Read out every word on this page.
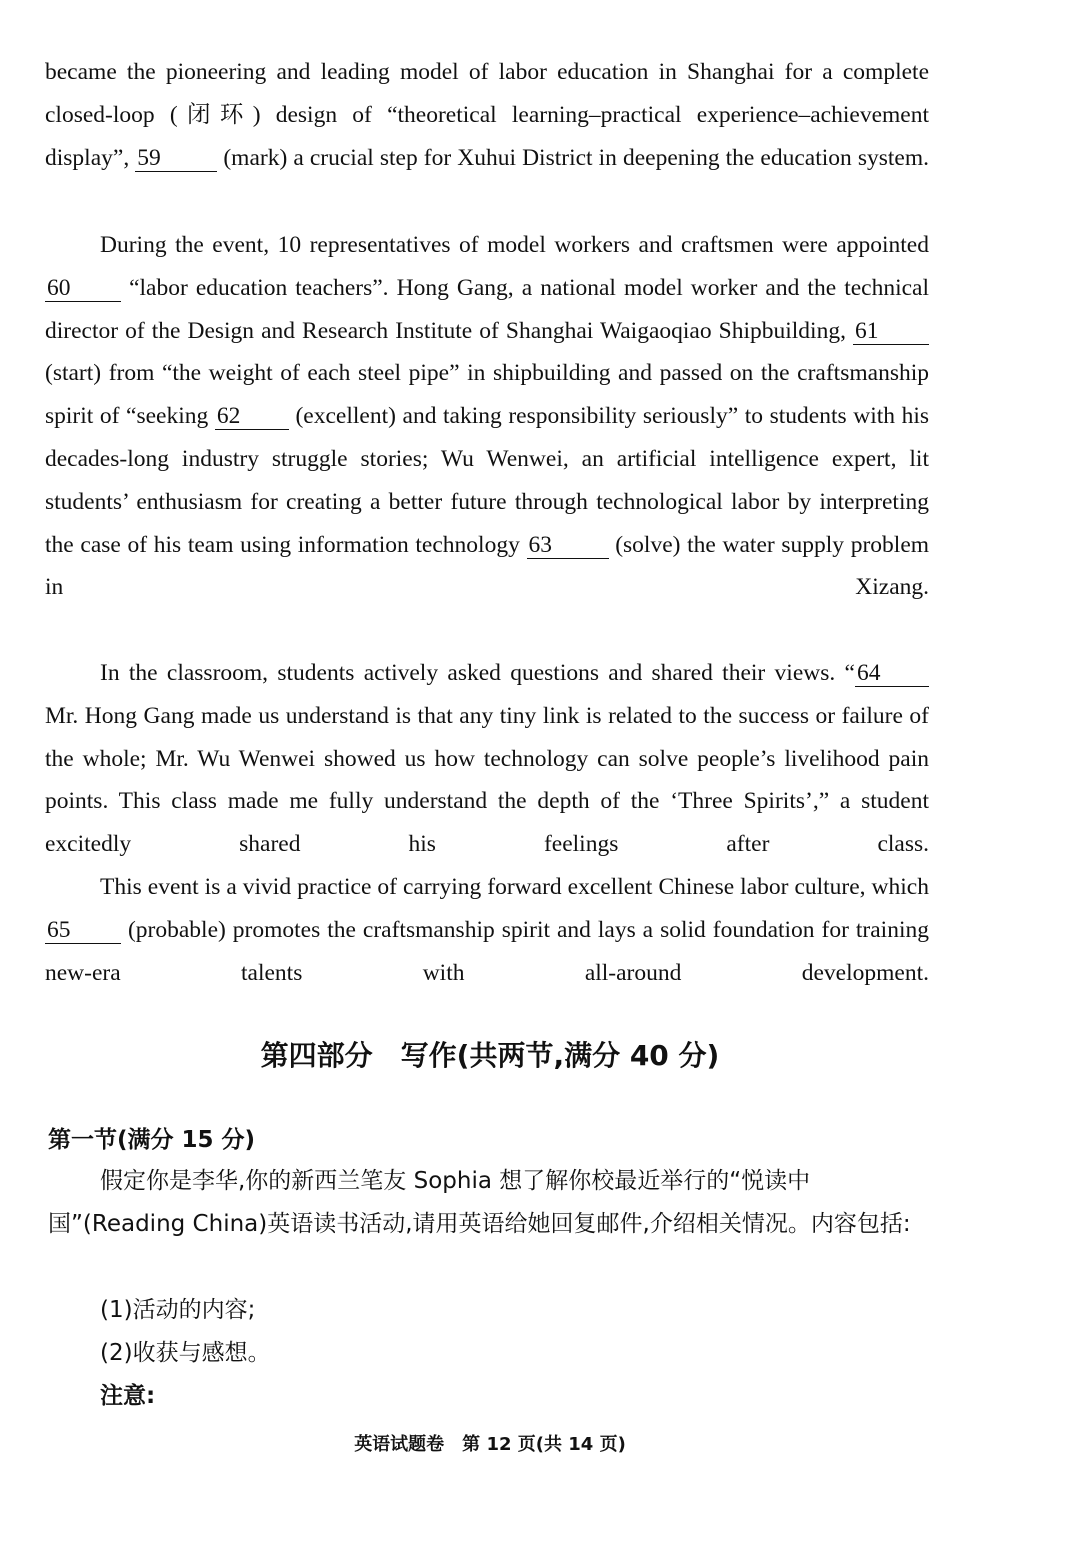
became the pioneering and leading model of labor education in Shanghai for a complete closed-loop (闭环) design of “theoretical learning–practical experience–achievement display”, 59	(mark) a crucial step for Xuhui District in deepening the education system.

During the event, 10 representatives of model workers and craftsmen were appointed 60 “labor education teachers”. Hong Gang, a national model worker and the technical director of the Design and Research Institute of Shanghai Waigaoqiao Shipbuilding, 61 (start) from “the weight of each steel pipe” in shipbuilding and passed on the craftsmanship spirit of “seeking 62 (excellent) and taking responsibility seriously” to students with his decades-long industry struggle stories; Wu Wenwei, an artificial intelligence expert, lit students’ enthusiasm for creating a better future through technological labor by interpreting the case of his team using information technology 63	(solve) the water supply problem in Xizang.

In the classroom, students actively asked questions and shared their views. “64 Mr. Hong Gang made us understand is that any tiny link is related to the success or failure of the whole; Mr. Wu Wenwei showed us how technology can solve people’s livelihood pain points. This class made me fully understand the depth of the ‘Three Spirits’,” a student excitedly shared his feelings after class.

This event is a vivid practice of carrying forward excellent Chinese labor culture, which 65 (probable) promotes the craftsmanship spirit and lays a solid foundation for training new-era talents with all-around development.

第四部分　写作(共两节,满分 40 分)

第一节(满分 15 分)

假定你是李华,你的新西兰笔友 Sophia 想了解你校最近举行的“悦读中国”(Reading China)英语读书活动,请用英语给她回复邮件,介绍相关情况。内容包括:

(1)活动的内容;

(2)收获与感想。

注意:

英语试题卷　第 12 页(共 14 页)
